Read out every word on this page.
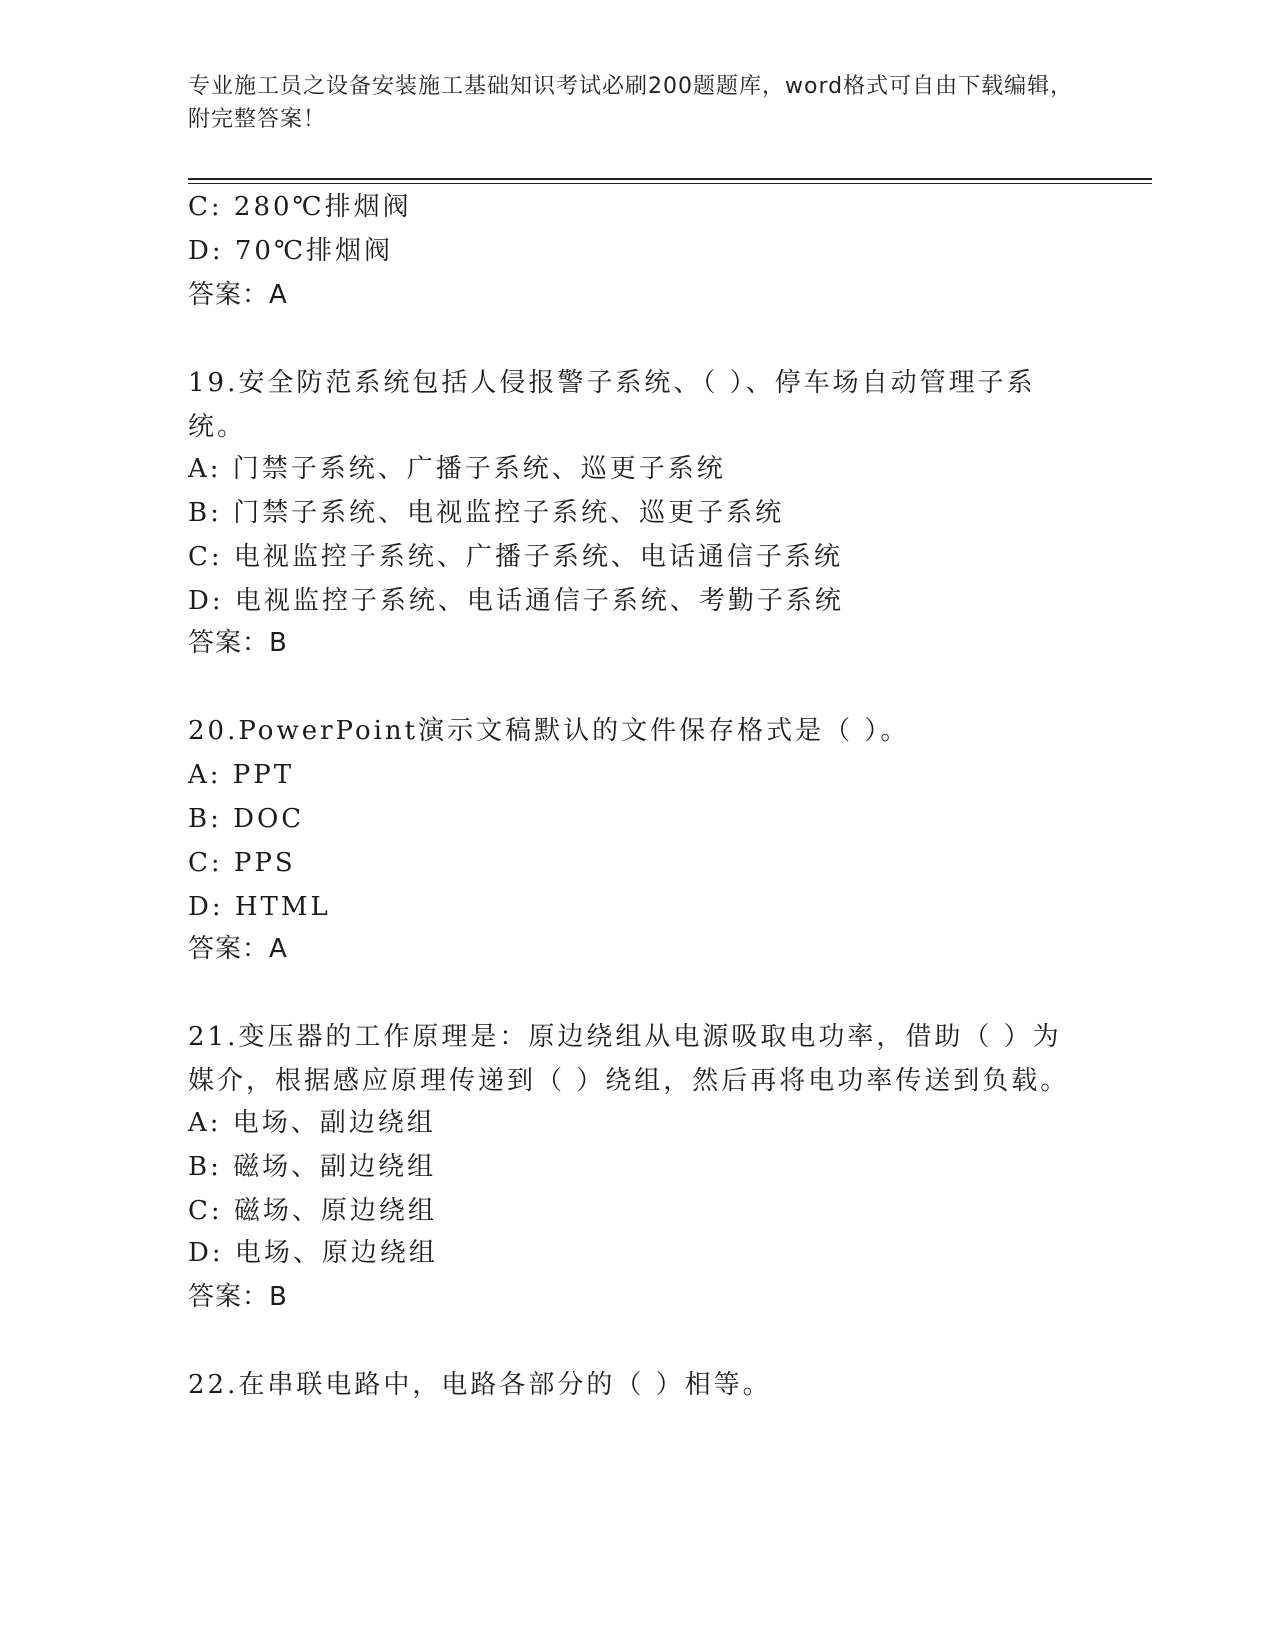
专业施工员之设备安装施工基础知识考试必刷200题题库，word格式可自由下载编辑，附完整答案！
C: 280℃排烟阀
D: 70℃排烟阀
答案：A
19.安全防范系统包括人侵报警子系统、（ ）、停车场自动管理子系
统。
A: 门禁子系统、广播子系统、巡更子系统
B: 门禁子系统、电视监控子系统、巡更子系统
C: 电视监控子系统、广播子系统、电话通信子系统
D: 电视监控子系统、电话通信子系统、考勤子系统
答案：B
20.PowerPoint演示文稿默认的文件保存格式是（ ）。
A: PPT
B: DOC
C: PPS
D: HTML
答案：A
21.变压器的工作原理是：原边绕组从电源吸取电功率，借助（ ）为
媒介，根据感应原理传递到（ ）绕组，然后再将电功率传送到负载。
A: 电场、副边绕组
B: 磁场、副边绕组
C: 磁场、原边绕组
D: 电场、原边绕组
答案：B
22.在串联电路中，电路各部分的（ ）相等。
